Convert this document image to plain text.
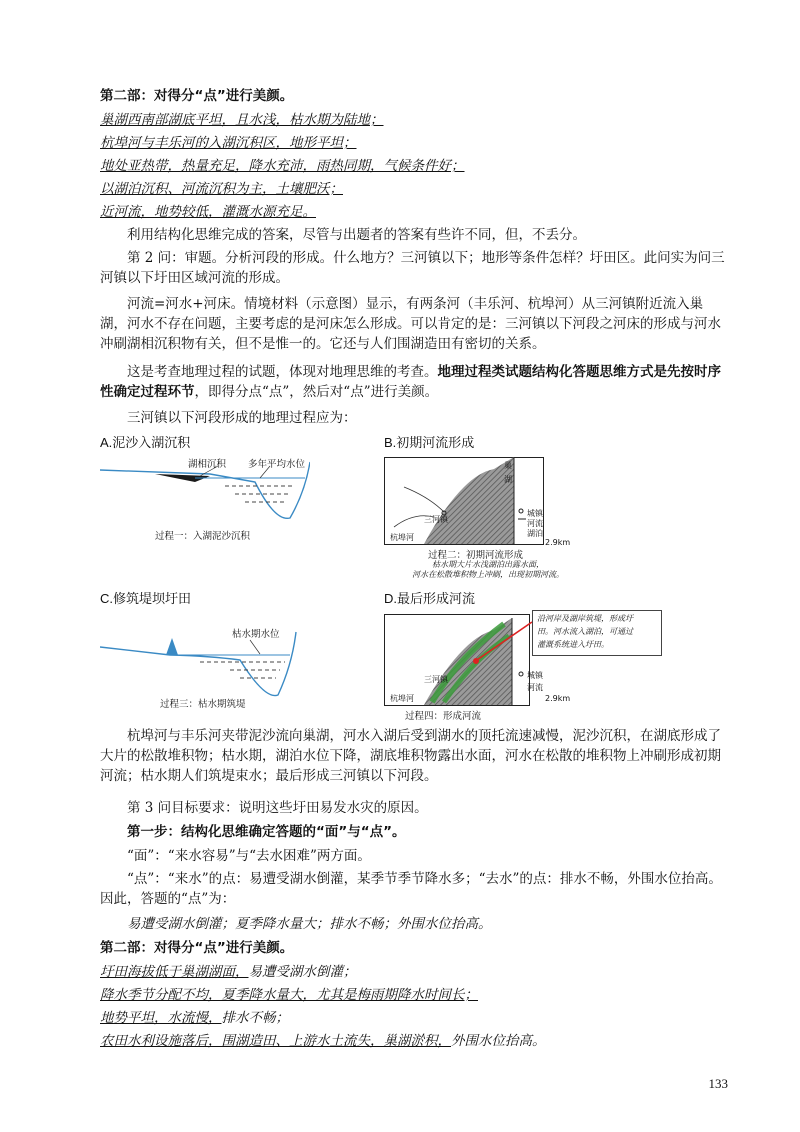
第二部：对得分“点”进行美颜。
巢湖西南部湖底平坦，且水浅，枯水期为陆地；
杭埠河与丰乐河的入湖沉积区，地形平坦；
地处亚热带，热量充足，降水充沛，雨热同期，气候条件好；
以湖泊沉积、河流沉积为主，土壤肥沃；
近河流，地势较低，灌溉水源充足。
利用结构化思维完成的答案，尽管与出题者的答案有些许不同，但，不丢分。
第 2 问：审题。分析河段的形成。什么地方？三河镇以下；地形等条件怎样？圩田区。此问实为问三河镇以下圩田区域河流的形成。
河流=河水+河床。情境材料（示意图）显示，有两条河（丰乐河、杭埠河）从三河镇附近流入巢湖，河水不存在问题，主要考虑的是河床怎么形成。可以肯定的是：三河镇以下河段之河床的形成与河水冲刷湖相沉积物有关，但不是惟一的。它还与人们围湖造田有密切的关系。
这是考查地理过程的试题，体现对地理思维的考查。地理过程类试题结构化答题思维方式是先按时序性确定过程环节，即得分点“点”，然后对“点”进行美颜。
三河镇以下河段形成的地理过程应为：
A.泥沙入湖沉积	B.初期河流形成
C.修筑堤坝圩田	D.最后形成河流
湖相沉积 多年平均水位
过程一：入湖泥沙沉积
巢
湖
三河镇
杭埠河
城镇
河流
湖泊
2.9km
过程二：初期河流形成
枯水期大片水浅湖泊出露水面，
河水在松散堆积物上冲刷，出现初期河流。
枯水期水位
过程三：枯水期筑堤
沿河岸及湖岸筑堤，形成圩
田。河水流入湖泊，可通过
灌溉系统进入圩田。
三河镇
杭埠河
城镇
河流
2.9km
过程四：形成河流
杭埠河与丰乐河夹带泥沙流向巢湖，河水入湖后受到湖水的顶托流速减慢，泥沙沉积，在湖底形成了大片的松散堆积物；枯水期，湖泊水位下降，湖底堆积物露出水面，河水在松散的堆积物上冲刷形成初期河流；枯水期人们筑堤束水；最后形成三河镇以下河段。
第 3 问目标要求：说明这些圩田易发水灾的原因。
第一步：结构化思维确定答题的“面”与“点”。
“面”：“来水容易”与“去水困难”两方面。
“点”：“来水”的点：易遭受湖水倒灌，某季节季节降水多；“去水”的点：排水不畅，外围水位抬高。因此，答题的“点”为：
易遭受湖水倒灌；夏季降水量大；排水不畅；外围水位抬高。
第二部：对得分“点”进行美颜。
圩田海拔低于巢湖湖面，易遭受湖水倒灌；
降水季节分配不均，夏季降水量大，尤其是梅雨期降水时间长；
地势平坦，水流慢，排水不畅；
农田水利设施落后，围湖造田、上游水土流失，巢湖淤积，外围水位抬高。
133
